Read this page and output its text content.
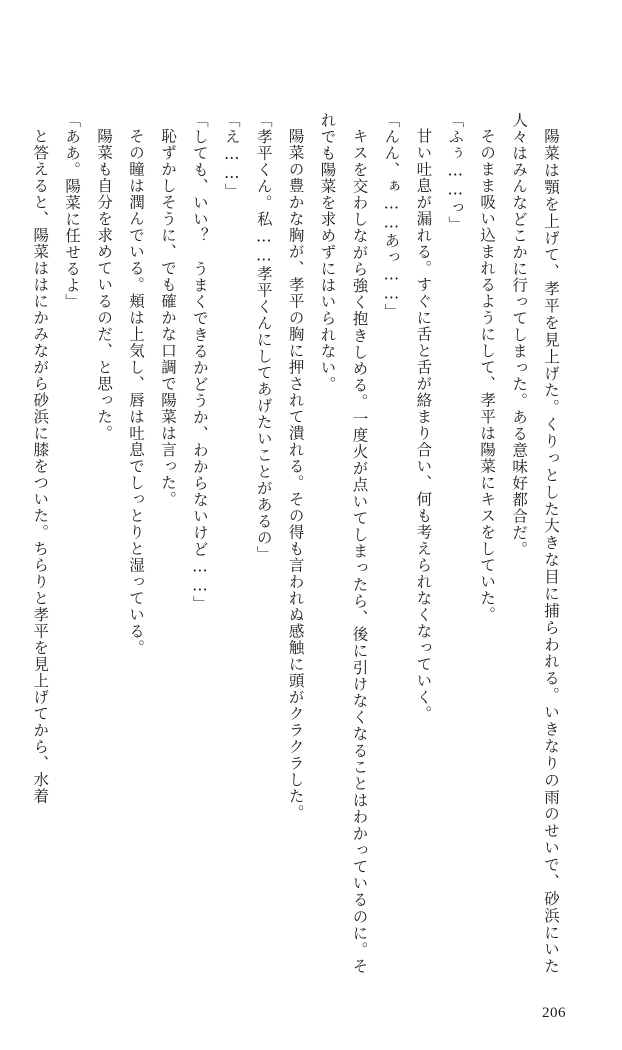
陽菜は顎を上げて、孝平を見上げた。くりっとした大きな目に捕らわれる。いきなりの雨のせいで、砂浜にいた人々はみんなどこかに行ってしまった。ある意味好都合だ。

そのまま吸い込まれるようにして、孝平は陽菜にキスをしていた。

「ふぅ……っ」

甘い吐息が漏れる。すぐに舌と舌が絡まり合い、何も考えられなくなっていく。

「んん、ぁ……あっ……」

キスを交わしながら強く抱きしめる。一度火が点いてしまったら、後に引けなくなることはわかっているのに。それでも陽菜を求めずにはいられない。

陽菜の豊かな胸が、孝平の胸に押されて潰れる。その得も言われぬ感触に頭がクラクラした。

「孝平くん。私……孝平くんにしてあげたいことがあるの」

「え……」

「しても、いい？　うまくできるかどうか、わからないけど……」

恥ずかしそうに、でも確かな口調で陽菜は言った。

その瞳は潤んでいる。頬は上気し、唇は吐息でしっとりと湿っている。

陽菜も自分を求めているのだ、と思った。

「ああ。陽菜に任せるよ」

と答えると、陽菜ははにかみながら砂浜に膝をついた。ちらりと孝平を見上げてから、水着

206
